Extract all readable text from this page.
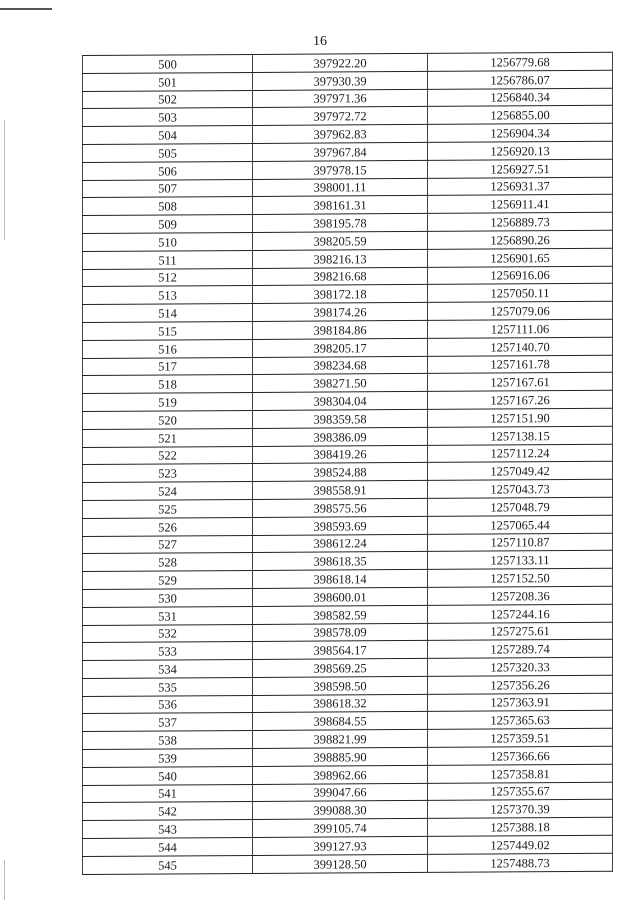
16
500	397922.20	1256779.68
501	397930.39	1256786.07
502	397971.36	1256840.34
503	397972.72	1256855.00
504	397962.83	1256904.34
505	397967.84	1256920.13
506	397978.15	1256927.51
507	398001.11	1256931.37
508	398161.31	1256911.41
509	398195.78	1256889.73
510	398205.59	1256890.26
511	398216.13	1256901.65
512	398216.68	1256916.06
513	398172.18	1257050.11
514	398174.26	1257079.06
515	398184.86	1257111.06
516	398205.17	1257140.70
517	398234.68	1257161.78
518	398271.50	1257167.61
519	398304.04	1257167.26
520	398359.58	1257151.90
521	398386.09	1257138.15
522	398419.26	1257112.24
523	398524.88	1257049.42
524	398558.91	1257043.73
525	398575.56	1257048.79
526	398593.69	1257065.44
527	398612.24	1257110.87
528	398618.35	1257133.11
529	398618.14	1257152.50
530	398600.01	1257208.36
531	398582.59	1257244.16
532	398578.09	1257275.61
533	398564.17	1257289.74
534	398569.25	1257320.33
535	398598.50	1257356.26
536	398618.32	1257363.91
537	398684.55	1257365.63
538	398821.99	1257359.51
539	398885.90	1257366.66
540	398962.66	1257358.81
541	399047.66	1257355.67
542	399088.30	1257370.39
543	399105.74	1257388.18
544	399127.93	1257449.02
545	399128.50	1257488.73
